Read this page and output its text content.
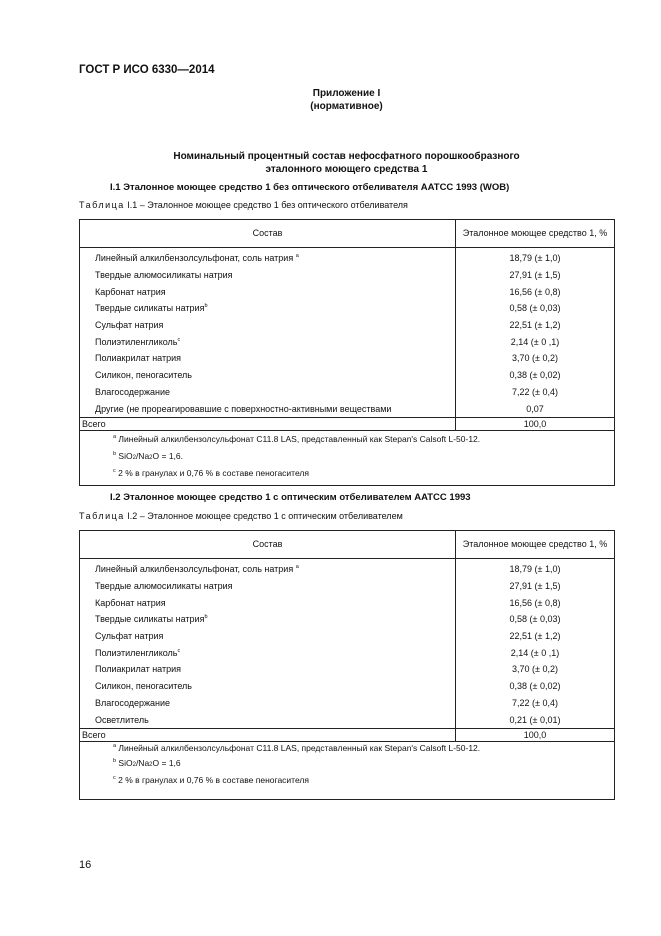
ГОСТ Р ИСО 6330—2014
Приложение I
(нормативное)
Номинальный процентный состав нефосфатного порошкообразного
эталонного моющего средства 1
I.1 Эталонное моющее средство 1 без оптического отбеливателя AATCC 1993 (WOB)
Таблица I.1 – Эталонное моющее средство 1 без оптического отбеливателя
Состав	Эталонное моющее средство 1, %
Линейный алкилбензолсульфонат, соль натрия $^a$	18,79 (± 1,0)
Твердые алюмосиликаты натрия	27,91 (± 1,5)
Карбонат натрия	16,56 (± 0,8)
Твердые силикаты натрия$^b$	0,58 (± 0,03)
Сульфат натрия	22,51 (± 1,2)
Полиэтиленгликоль$^c$	2,14 (± 0 ,1)
Полиакрилат натрия	3,70 (± 0,2)
Силикон, пеногаситель	0,38 (± 0,02)
Влагосодержание	7,22 (± 0,4)
Другие (не прореагировавшие с поверхностно-активными веществами	0,07
Всего	100,0
$^a$ Линейный алкилбензолсульфонат C11.8 LAS, представленный как Stepan's Calsoft L-50-12.	
$^b$ $SiO_2/Na_2O = 1,6$.	
$^c$ 2 % в гранулах и 0,76 % в составе пеногасителя	
I.2 Эталонное моющее средство 1 с оптическим отбеливателем AATCC 1993
Таблица I.2 – Эталонное моющее средство 1 с оптическим отбеливателем
Состав	Эталонное моющее средство 1, %
Линейный алкилбензолсульфонат, соль натрия $^a$	18,79 (± 1,0)
Твердые алюмосиликаты натрия	27,91 (± 1,5)
Карбонат натрия	16,56 (± 0,8)
Твердые силикаты натрия$^b$	0,58 (± 0,03)
Сульфат натрия	22,51 (± 1,2)
Полиэтиленгликоль$^c$	2,14 (± 0 ,1)
Полиакрилат натрия	3,70 (± 0,2)
Силикон, пеногаситель	0,38 (± 0,02)
Влагосодержание	7,22 (± 0,4)
Осветлитель	0,21 (± 0,01)
Всего	100,0
$^a$ Линейный алкилбензолсульфонат C11.8 LAS, представленный как Stepan's Calsoft L-50-12.	
$^b$ $SiO_2/Na_2O = 1,6$	
$^c$ 2 % в гранулах и 0,76 % в составе пеногасителя	
16
